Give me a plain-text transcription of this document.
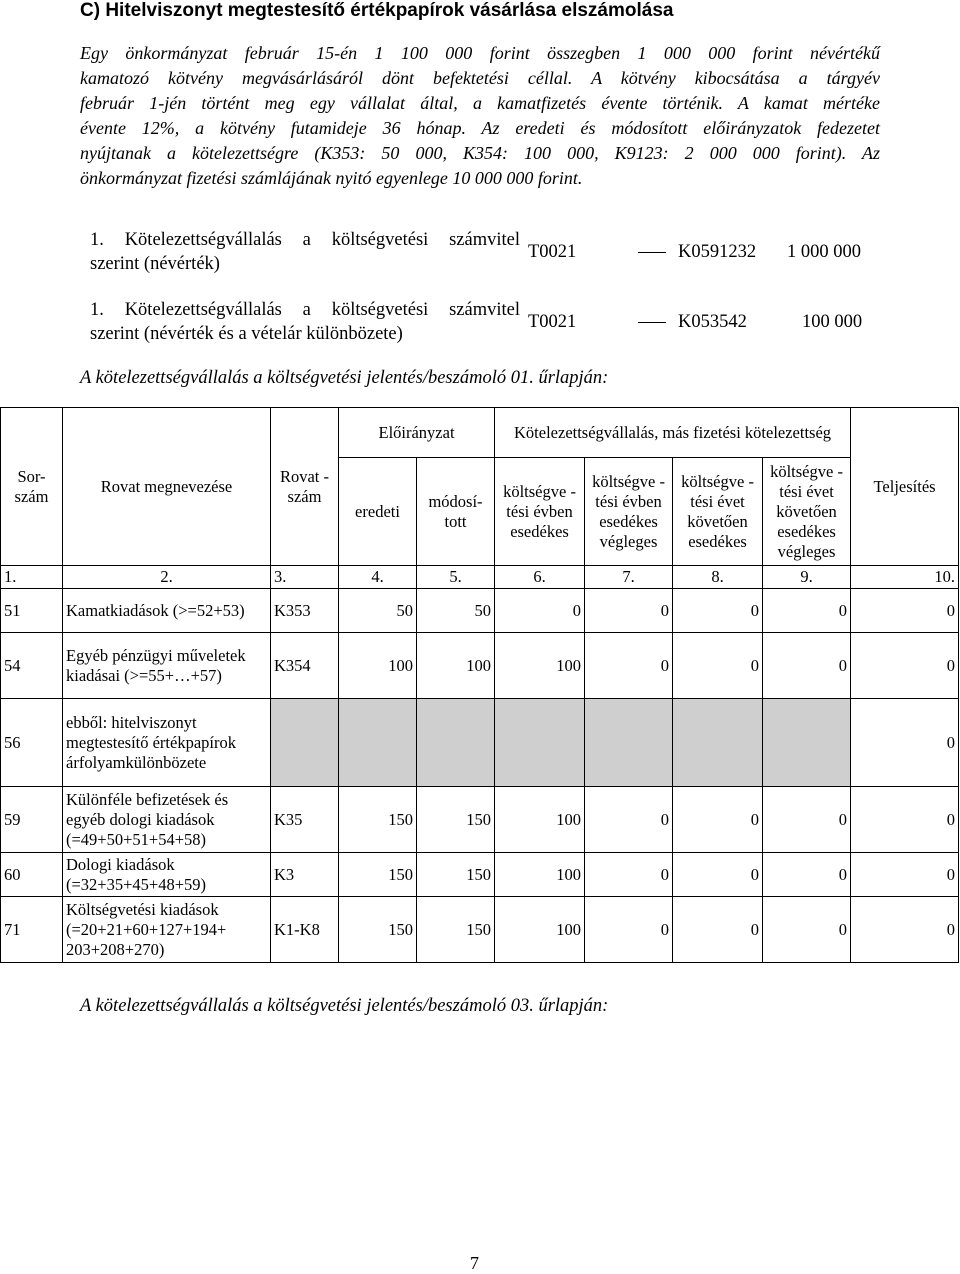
C) Hitelviszonyt megtestesítő értékpapírok vásárlása elszámolása
Egy önkormányzat február 15-én 1 100 000 forint összegben 1 000 000 forint névértékű
kamatozó kötvény megvásárlásáról dönt befektetési céllal. A kötvény kibocsátása a tárgyév
február 1-jén történt meg egy vállalat által, a kamatfizetés évente történik. A kamat mértéke
évente 12%, a kötvény futamideje 36 hónap. Az eredeti és módosított előirányzatok fedezetet
nyújtanak a kötelezettségre (K353: 50 000, K354: 100 000, K9123: 2 000 000 forint). Az
önkormányzat fizetési számlájának nyitó egyenlege 10 000 000 forint.
1. Kötelezettségvállalás a költségvetési számvitel
szerint (névérték)
T0021	K0591232 1 000 000
1. Kötelezettségvállalás a költségvetési számvitel
szerint (névérték és a vételár különbözete)
T0021	K053542	100 000
A kötelezettségvállalás a költségvetési jelentés/beszámoló 01. űrlapján:
Sor-szám	Rovat megnevezése	Rovat -szám	Előirányzat		Kötelezettségvállalás, más fizetési kötelezettség				Teljesítés
			eredeti	módosí-tott	költségve -tési évben esedékes	költségve -tési évben esedékes végleges	költségve -tési évet követően esedékes	költségve -tési évet követően esedékes végleges	
1.	2.	3.	4.	5.	6.	7.	8.	9.	10.
51	Kamatkiadások (>=52+53)	K353	50	50	0	0	0	0	0
54	Egyéb pénzügyi műveletek kiadásai (>=55+…+57)	K354	100	100	100	0	0	0	0
56	ebből: hitelviszonyt megtestesítő értékpapírok árfolyamkülönbözete								0
59	Különféle befizetések és egyéb dologi kiadások (=49+50+51+54+58)	K35	150	150	100	0	0	0	0
60	Dologi kiadások (=32+35+45+48+59)	K3	150	150	100	0	0	0	0
71	Költségvetési kiadások (=20+21+60+127+194+ 203+208+270)	K1-K8	150	150	100	0	0	0	0
A kötelezettségvállalás a költségvetési jelentés/beszámoló 03. űrlapján:
7
